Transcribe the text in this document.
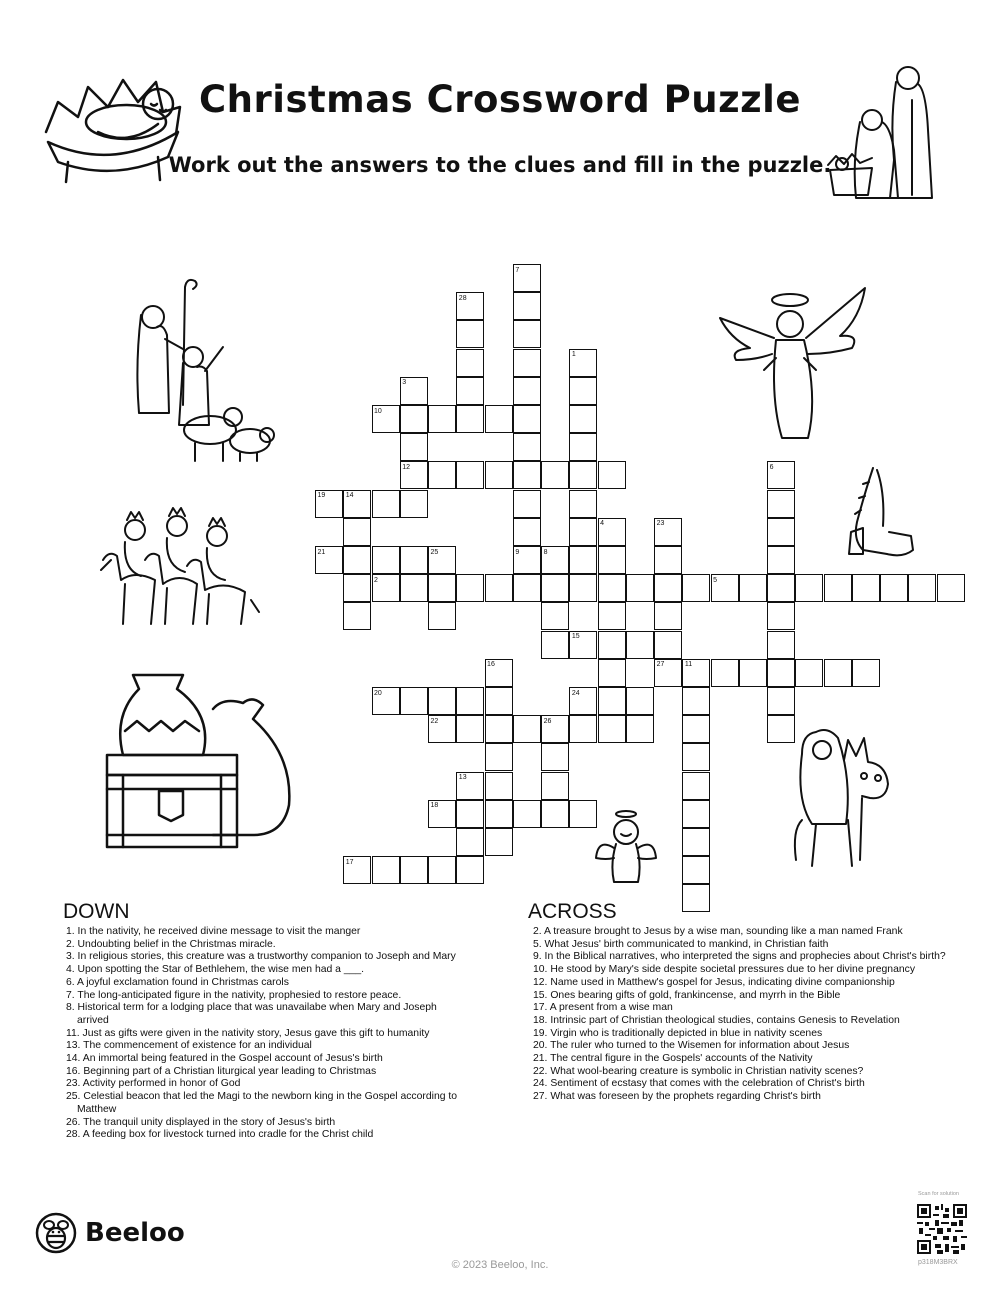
Christmas Crossword Puzzle
Work out the answers to the clues and fill in the puzzle.
1
2
3
4
5
6
7
8
9
10
11
12
13
14
15
16
17
18
19
20
21
22
23
24
25
26
27
28
DOWN
1. In the nativity, he received divine message to visit the manger
2. Undoubting belief in the Christmas miracle.
3. In religious stories, this creature was a trustworthy companion to Joseph and Mary
4. Upon spotting the Star of Bethlehem, the wise men had a ___.
6. A joyful exclamation found in Christmas carols
7. The long-anticipated figure in the nativity, prophesied to restore peace.
8. Historical term for a lodging place that was unavailabe when Mary and Joseph arrived
11. Just as gifts were given in the nativity story, Jesus gave this gift to humanity
13. The commencement of existence for an individual
14. An immortal being featured in the Gospel account of Jesus's birth
16. Beginning part of a Christian liturgical year leading to Christmas
23. Activity performed in honor of God
25. Celestial beacon that led the Magi to the newborn king in the Gospel according to Matthew
26. The tranquil unity displayed in the story of Jesus's birth
28. A feeding box for livestock turned into cradle for the Christ child
ACROSS
2. A treasure brought to Jesus by a wise man, sounding like a man named Frank
5. What Jesus' birth communicated to mankind, in Christian faith
9. In the Biblical narratives, who interpreted the signs and prophecies about Christ's birth?
10. He stood by Mary's side despite societal pressures due to her divine pregnancy
12. Name used in Matthew's gospel for Jesus, indicating divine companionship
15. Ones bearing gifts of gold, frankincense, and myrrh in the Bible
17. A present from a wise man
18. Intrinsic part of Christian theological studies, contains Genesis to Revelation
19. Virgin who is traditionally depicted in blue in nativity scenes
20. The ruler who turned to the Wisemen for information about Jesus
21. The central figure in the Gospels' accounts of the Nativity
22. What wool-bearing creature is symbolic in Christian nativity scenes?
24. Sentiment of ecstasy that comes with the celebration of Christ's birth
27. What was foreseen by the prophets regarding Christ's birth
Beeloo
© 2023 Beeloo, Inc.
Scan for solution
p318M3BRX
